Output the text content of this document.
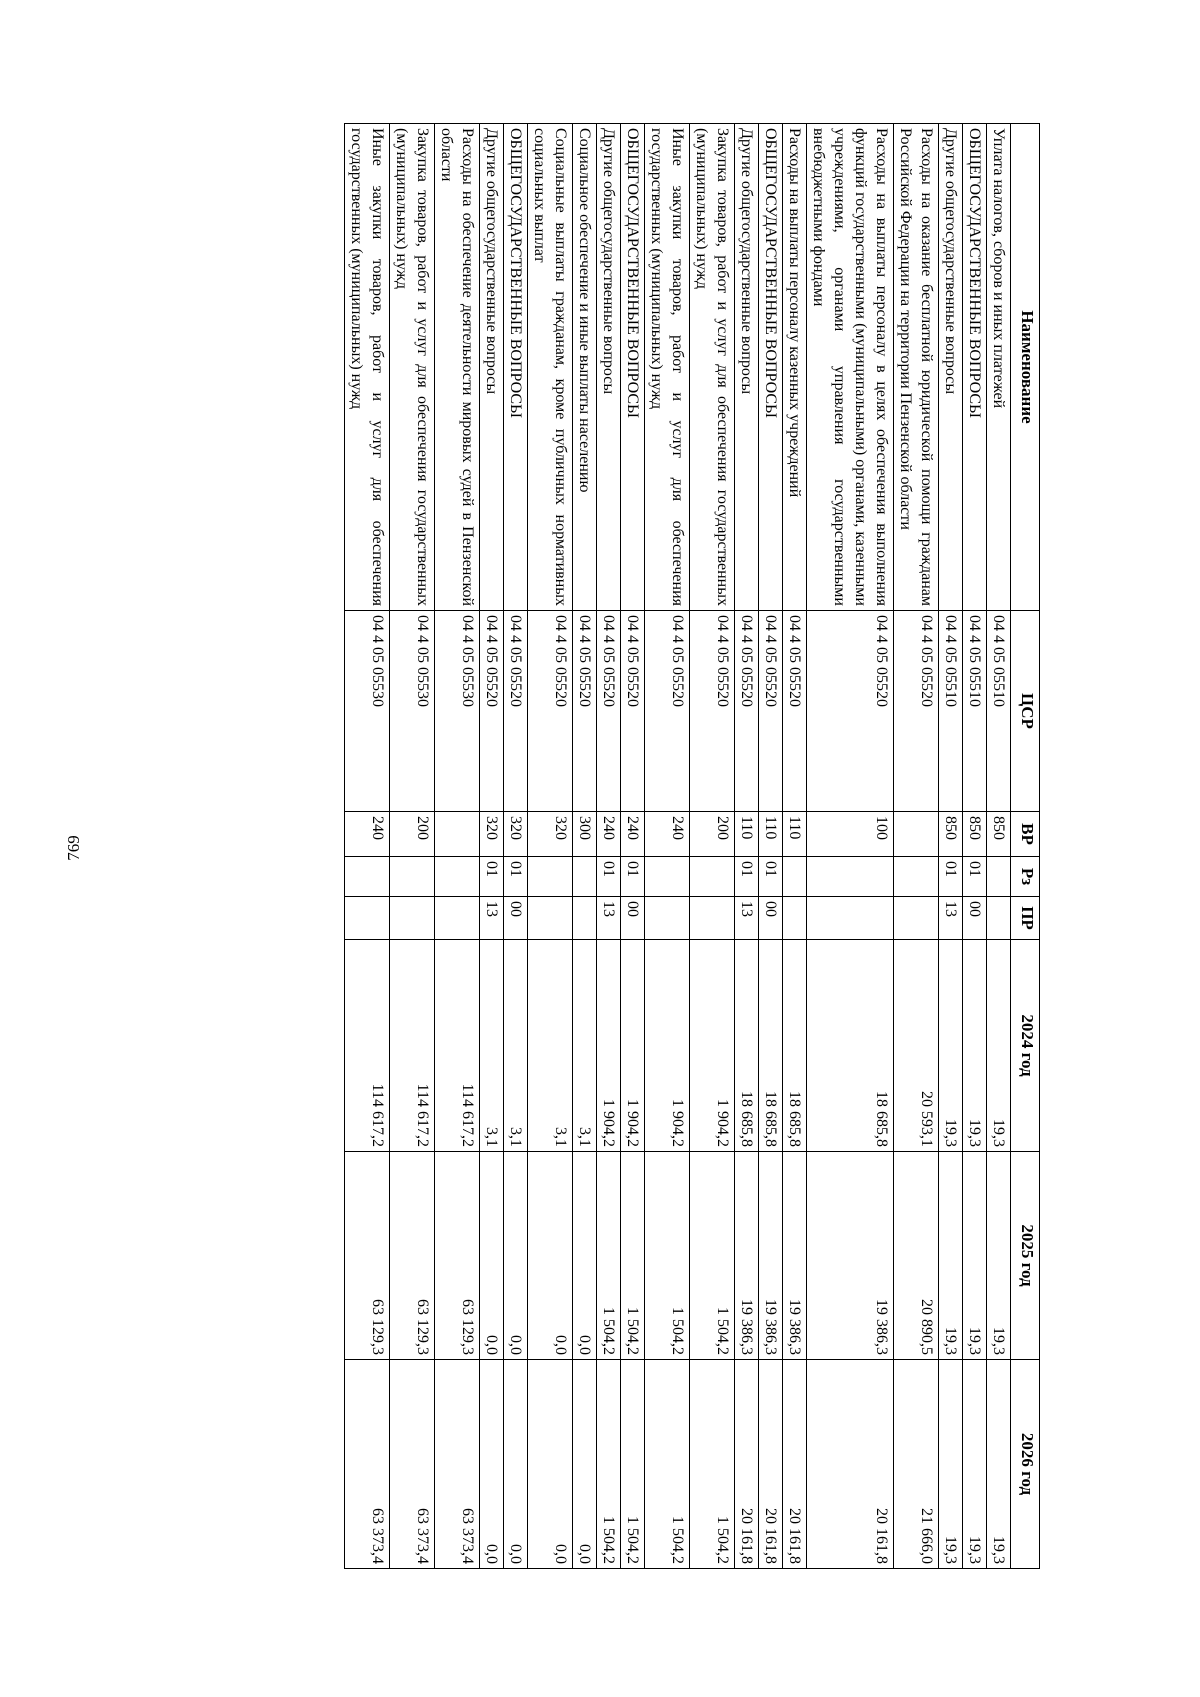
769
Наименование	ЦСР	ВР	Рз	ПР	2024 год	2025 год	2026 год
Уплата налогов, сборов и иных платежей	04 4 05 05510	850			19,3	19,3	19,3
ОБЩЕГОСУДАРСТВЕННЫЕ ВОПРОСЫ	04 4 05 05510	850	01	00	19,3	19,3	19,3
Другие общегосударственные вопросы	04 4 05 05510	850	01	13	19,3	19,3	19,3
Расходы на оказание бесплатной юридической помощи гражданам Российской Федерации на территории Пензенской области	04 4 05 05520				20 593,1	20 890,5	21 666,0
Расходы на выплаты персоналу в целях обеспечения выполнения функций государственными (муниципальными) органами, казенными учреждениями, органами управления государственными внебюджетными фондами	04 4 05 05520	100			18 685,8	19 386,3	20 161,8
Расходы на выплаты персоналу казенных учреждений	04 4 05 05520	110			18 685,8	19 386,3	20 161,8
ОБЩЕГОСУДАРСТВЕННЫЕ ВОПРОСЫ	04 4 05 05520	110	01	00	18 685,8	19 386,3	20 161,8
Другие общегосударственные вопросы	04 4 05 05520	110	01	13	18 685,8	19 386,3	20 161,8
Закупка товаров, работ и услуг для обеспечения государственных (муниципальных) нужд	04 4 05 05520	200			1 904,2	1 504,2	1 504,2
Иные закупки товаров, работ и услуг для обеспечения государственных (муниципальных) нужд	04 4 05 05520	240			1 904,2	1 504,2	1 504,2
ОБЩЕГОСУДАРСТВЕННЫЕ ВОПРОСЫ	04 4 05 05520	240	01	00	1 904,2	1 504,2	1 504,2
Другие общегосударственные вопросы	04 4 05 05520	240	01	13	1 904,2	1 504,2	1 504,2
Социальное обеспечение и иные выплаты населению	04 4 05 05520	300			3,1	0,0	0,0
Социальные выплаты гражданам, кроме публичных нормативных социальных выплат	04 4 05 05520	320			3,1	0,0	0,0
ОБЩЕГОСУДАРСТВЕННЫЕ ВОПРОСЫ	04 4 05 05520	320	01	00	3,1	0,0	0,0
Другие общегосударственные вопросы	04 4 05 05520	320	01	13	3,1	0,0	0,0
Расходы на обеспечение деятельности мировых судей в Пензенской области	04 4 05 05530				114 617,2	63 129,3	63 373,4
Закупка товаров, работ и услуг для обеспечения государственных (муниципальных) нужд	04 4 05 05530	200			114 617,2	63 129,3	63 373,4
Иные закупки товаров, работ и услуг для обеспечения государственных (муниципальных) нужд	04 4 05 05530	240			114 617,2	63 129,3	63 373,4
